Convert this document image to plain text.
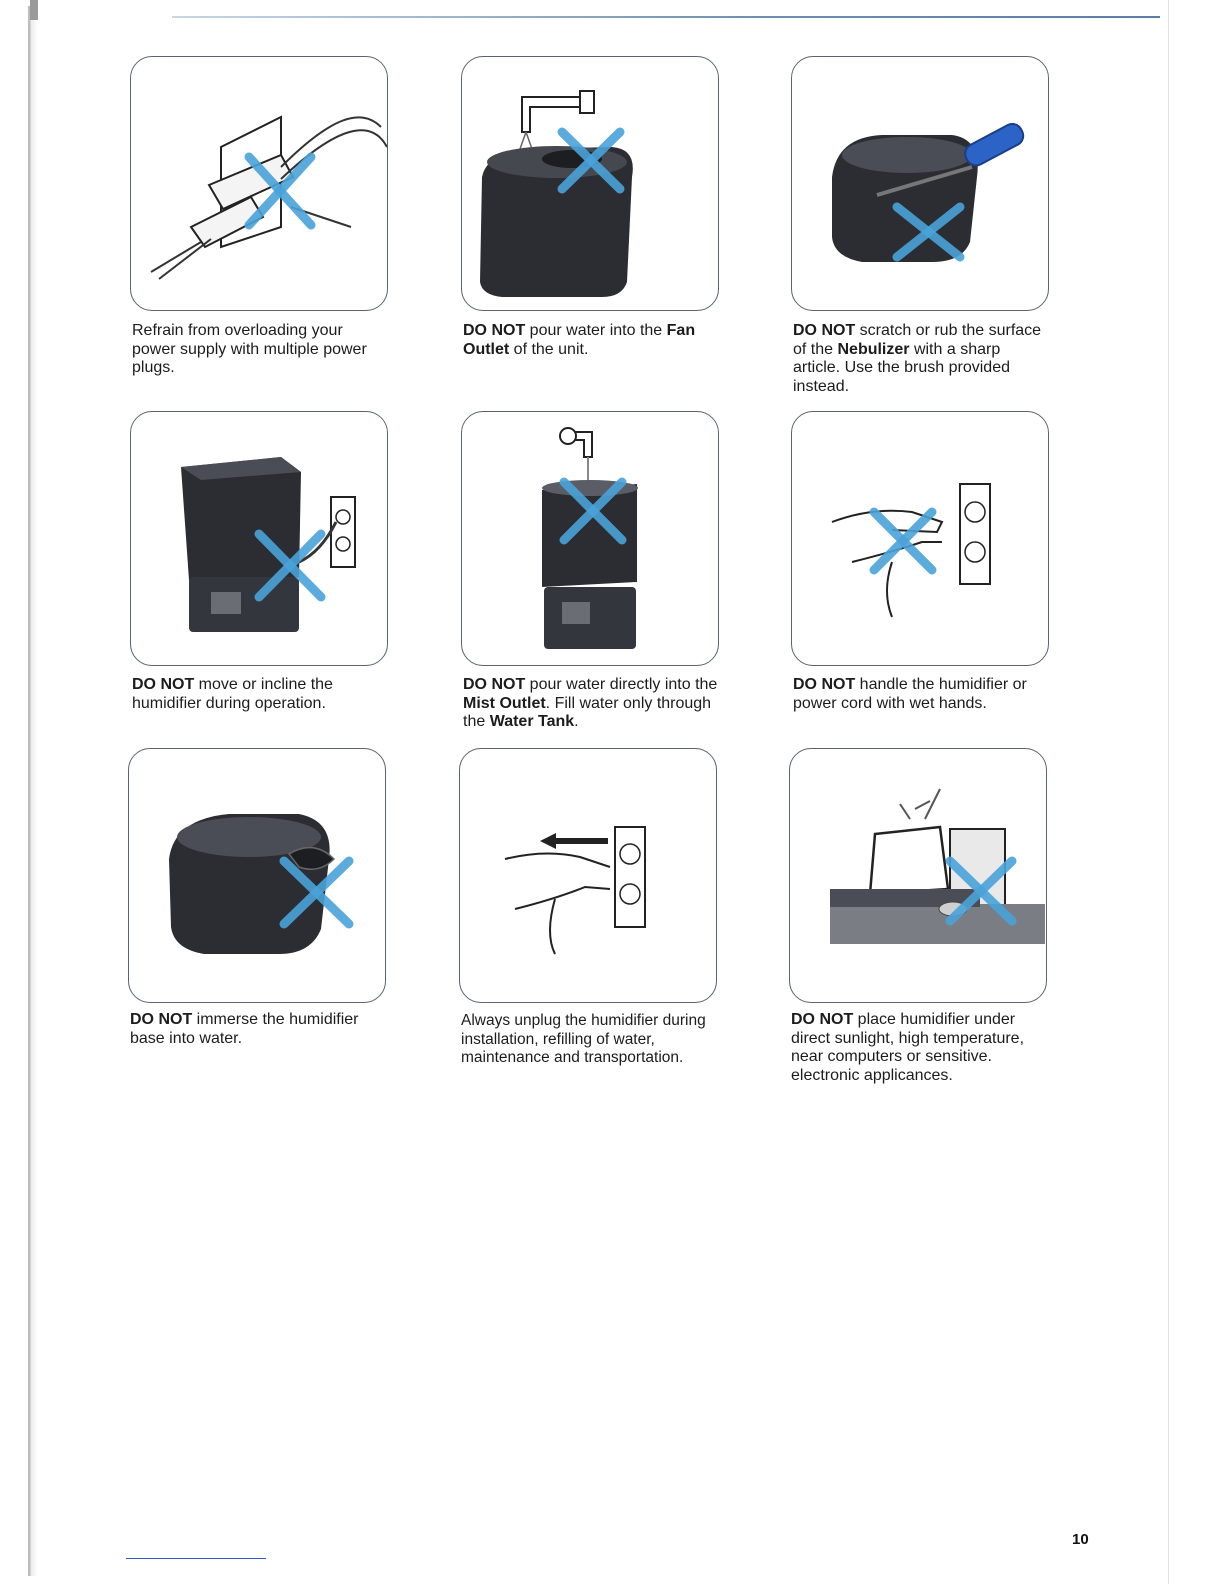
Refrain from overloading your power supply with multiple power plugs.

DO NOT pour water into the Fan Outlet of the unit.

DO NOT scratch or rub the surface of the Nebulizer with a sharp article. Use the brush provided instead.

DO NOT move or incline the humidifier during operation.

DO NOT pour water directly into the Mist Outlet. Fill water only through the Water Tank.

DO NOT handle the humidifier or power cord with wet hands.

DO NOT immerse the humidifier base into water.

Always unplug the humidifier during installation, refilling of water, maintenance and transportation.

DO NOT place humidifier under direct sunlight, high temperature, near computers or sensitive. electronic applicances.

10
